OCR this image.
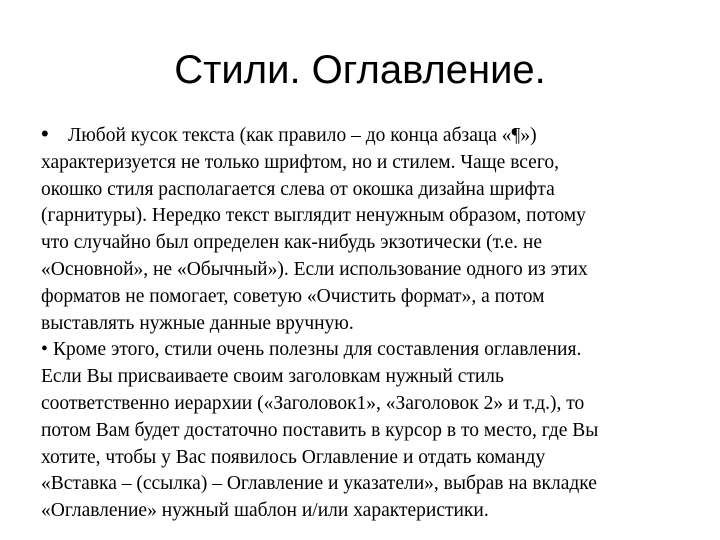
Стили. Оглавление.

• Любой кусок текста (как правило – до конца абзаца «¶»)
характеризуется не только шрифтом, но и стилем. Чаще всего,
окошко стиля располагается слева от окошка дизайна шрифта
(гарнитуры). Нередко текст выглядит ненужным образом, потому
что случайно был определен как-нибудь экзотически (т.е. не
«Основной», не «Обычный»). Если использование одного из этих
форматов не помогает, советую «Очистить формат», а потом
выставлять нужные данные вручную.

• Кроме этого, стили очень полезны для составления оглавления.
Если Вы присваиваете своим заголовкам нужный стиль
соответственно иерархии («Заголовок1», «Заголовок 2» и т.д.), то
потом Вам будет достаточно поставить в курсор в то место, где Вы
хотите, чтобы у Вас появилось Оглавление и отдать команду
«Вставка – (ссылка) – Оглавление и указатели», выбрав на вкладке
«Оглавление» нужный шаблон и/или характеристики.
